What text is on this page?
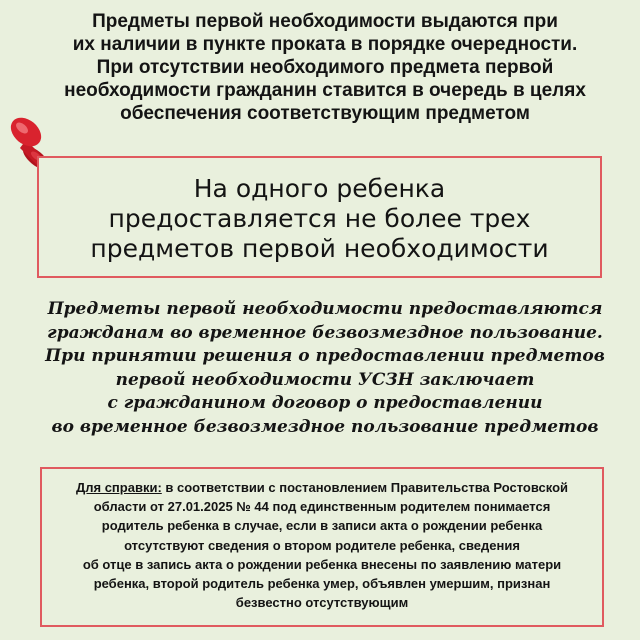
Предметы первой необходимости выдаются при
их наличии в пункте проката в порядке очередности.
При отсутствии необходимого предмета первой
необходимости гражданин ставится в очередь в целях
обеспечения соответствующим предметом
На одного ребенка
предоставляется не более трех
предметов первой необходимости
Предметы первой необходимости предоставляются
гражданам во временное безвозмездное пользование.
При принятии решения о предоставлении предметов
первой необходимости УСЗН заключает
с гражданином договор о предоставлении
во временное безвозмездное пользование предметов
Для справки: в соответствии с постановлением Правительства Ростовской
области от 27.01.2025 № 44 под единственным родителем понимается
родитель ребенка в случае, если в записи акта о рождении ребенка
отсутствуют сведения о втором родителе ребенка, сведения
об отце в запись акта о рождении ребенка внесены по заявлению матери
ребенка, второй родитель ребенка умер, объявлен умершим, признан
безвестно отсутствующим
